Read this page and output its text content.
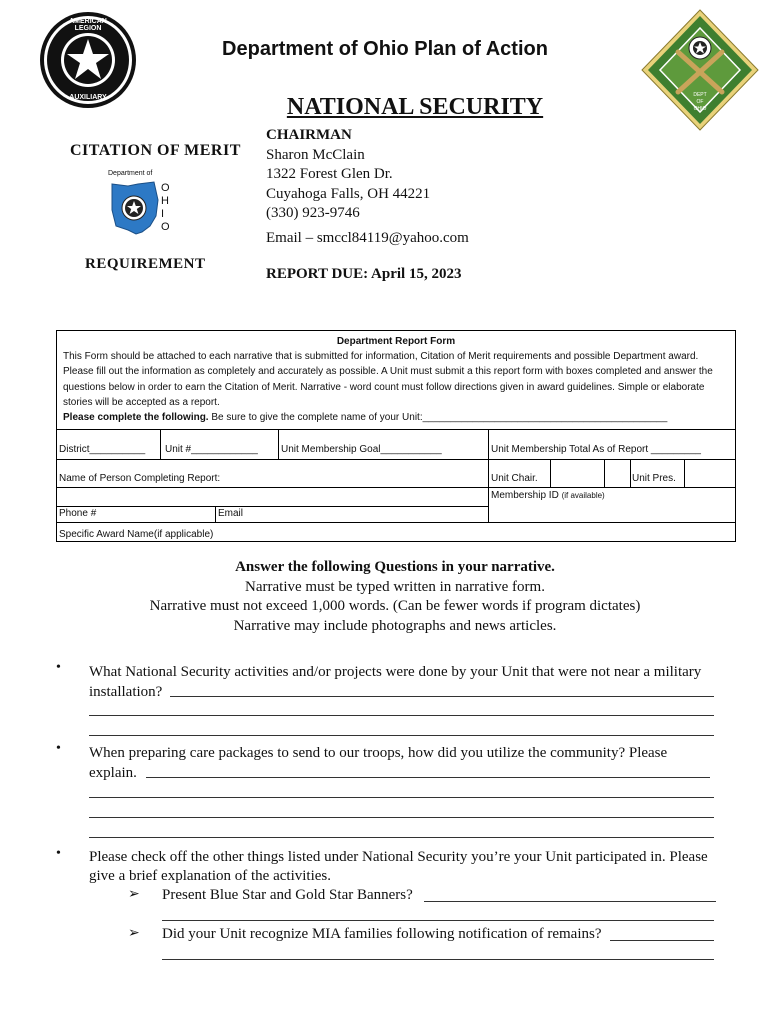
AMERICAN LEGION
AUXILIARY
Department of Ohio Plan of Action
DEPT
OF
OHIO
NATIONAL SECURITY
CITATION OF MERIT
Department of
O
H
I
O
REQUIREMENT
CHAIRMAN
Sharon McClain
1322 Forest Glen Dr.
Cuyahoga Falls, OH 44221
(330) 923-9746
Email – smccl84119@yahoo.com
REPORT DUE: April 15, 2023
Department Report Form
This Form should be attached to each narrative that is submitted for information, Citation of Merit requirements and possible Department award. Please fill out the information as completely and accurately as possible. A Unit must submit a this report form with boxes completed and answer the questions below in order to earn the Citation of Merit. Narrative - word count must follow directions given in award guidelines. Simple or elaborate stories will be accepted as a report.
Please complete the following. Be sure to give the complete name of your Unit:____________________________________________
District__________ Unit #____________ Unit Membership Goal___________	Unit Membership Total As of Report _________
Name of Person Completing Report:	Unit Chair.	Unit Pres.
Membership ID (if available)
Phone #	Email
Specific Award Name(if applicable)
Answer the following Questions in your narrative.
Narrative must be typed written in narrative form.
Narrative must not exceed 1,000 words. (Can be fewer words if program dictates)
Narrative may include photographs and news articles.
• What National Security activities and/or projects were done by your Unit that were not near a military
installation?
• When preparing care packages to send to our troops, how did you utilize the community? Please
explain.
• Please check off the other things listed under National Security you’re your Unit participated in. Please
give a brief explanation of the activities.
➢ Present Blue Star and Gold Star Banners?
➢ Did your Unit recognize MIA families following notification of remains?
